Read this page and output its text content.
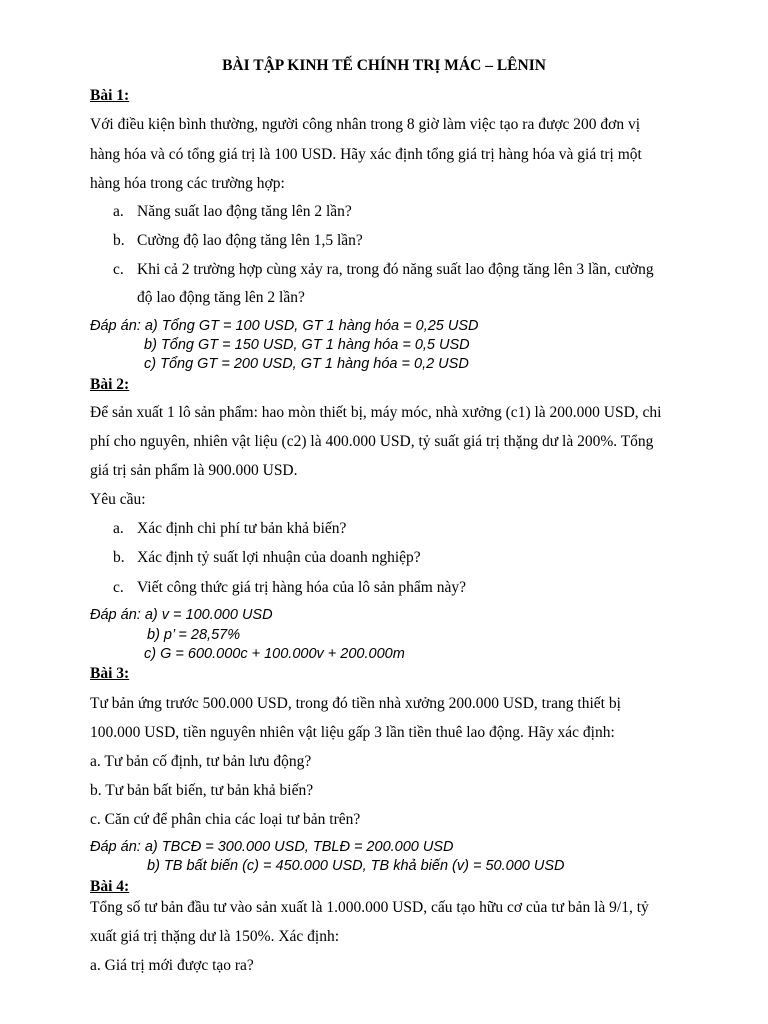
BÀI TẬP KINH TẾ CHÍNH TRỊ MÁC – LÊNIN
Bài 1:
Với điều kiện bình thường, người công nhân trong 8 giờ làm việc tạo ra được 200 đơn vị
hàng hóa và có tổng giá trị là 100 USD. Hãy xác định tổng giá trị hàng hóa và giá trị một
hàng hóa trong các trường hợp:
a. Năng suất lao động tăng lên 2 lần?
b. Cường độ lao động tăng lên 1,5 lần?
c. Khi cả 2 trường hợp cùng xảy ra, trong đó năng suất lao động tăng lên 3 lần, cường
độ lao động tăng lên 2 lần?
Đáp án: a) Tổng GT = 100 USD, GT 1 hàng hóa = 0,25 USD
b) Tổng GT = 150 USD, GT 1 hàng hóa = 0,5 USD
c) Tổng GT = 200 USD, GT 1 hàng hóa = 0,2 USD
Bài 2:
Để sản xuất 1 lô sản phẩm: hao mòn thiết bị, máy móc, nhà xưởng (c1) là 200.000 USD, chi
phí cho nguyên, nhiên vật liệu (c2) là 400.000 USD, tỷ suất giá trị thặng dư là 200%. Tổng
giá trị sản phẩm là 900.000 USD.
Yêu cầu:
a. Xác định chi phí tư bản khả biến?
b. Xác định tỷ suất lợi nhuận của doanh nghiệp?
c. Viết công thức giá trị hàng hóa của lô sản phẩm này?
Đáp án: a) v = 100.000 USD
b) p’ = 28,57%
c) G = 600.000c + 100.000v + 200.000m
Bài 3:
Tư bản ứng trước 500.000 USD, trong đó tiền nhà xưởng 200.000 USD, trang thiết bị
100.000 USD, tiền nguyên nhiên vật liệu gấp 3 lần tiền thuê lao động. Hãy xác định:
a. Tư bản cố định, tư bản lưu động?
b. Tư bản bất biến, tư bản khả biến?
c. Căn cứ để phân chia các loại tư bản trên?
Đáp án: a) TBCĐ = 300.000 USD, TBLĐ = 200.000 USD
b) TB bất biến (c) = 450.000 USD, TB khả biến (v) = 50.000 USD
Bài 4:
Tổng số tư bản đầu tư vào sản xuất là 1.000.000 USD, cấu tạo hữu cơ của tư bản là 9/1, tỷ
xuất giá trị thặng dư là 150%. Xác định:
a. Giá trị mới được tạo ra?
